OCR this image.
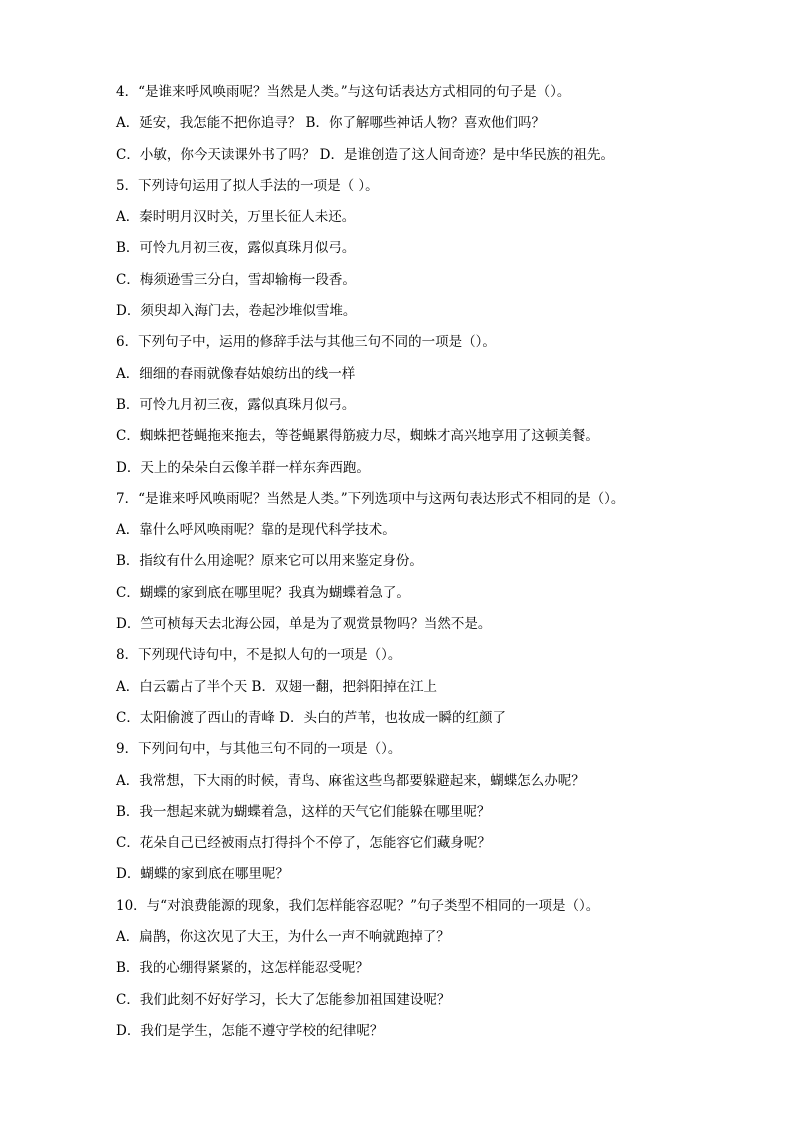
4．“是谁来呼风唤雨呢？当然是人类。”与这句话表达方式相同的句子是（）。
A．延安，我怎能不把你追寻？ B．你了解哪些神话人物？喜欢他们吗？
C．小敏，你今天读课外书了吗？ D．是谁创造了这人间奇迹？是中华民族的祖先。
5．下列诗句运用了拟人手法的一项是（ ）。
A．秦时明月汉时关，万里长征人未还。
B．可怜九月初三夜，露似真珠月似弓。
C．梅须逊雪三分白，雪却输梅一段香。
D．须臾却入海门去，卷起沙堆似雪堆。
6．下列句子中，运用的修辞手法与其他三句不同的一项是（）。
A．细细的春雨就像春姑娘纺出的线一样
B．可怜九月初三夜，露似真珠月似弓。
C．蜘蛛把苍蝇拖来拖去，等苍蝇累得筋疲力尽，蜘蛛才高兴地享用了这顿美餐。
D．天上的朵朵白云像羊群一样东奔西跑。
7．“是谁来呼风唤雨呢？当然是人类。”下列选项中与这两句表达形式不相同的是（）。
A．靠什么呼风唤雨呢？靠的是现代科学技术。
B．指纹有什么用途呢？原来它可以用来鉴定身份。
C．蝴蝶的家到底在哪里呢？我真为蝴蝶着急了。
D．竺可桢每天去北海公园，单是为了观赏景物吗？当然不是。
8．下列现代诗句中，不是拟人句的一项是（）。
A．白云霸占了半个天 B．双翅一翻，把斜阳掉在江上
C．太阳偷渡了西山的青峰 D．头白的芦苇，也妆成一瞬的红颜了
9．下列问句中，与其他三句不同的一项是（）。
A．我常想，下大雨的时候，青鸟、麻雀这些鸟都要躲避起来，蝴蝶怎么办呢？
B．我一想起来就为蝴蝶着急，这样的天气它们能躲在哪里呢？
C．花朵自己已经被雨点打得抖个不停了，怎能容它们藏身呢？
D．蝴蝶的家到底在哪里呢？
10．与“对浪费能源的现象，我们怎样能容忍呢？”句子类型不相同的一项是（）。
A．扁鹊，你这次见了大王，为什么一声不响就跑掉了？
B．我的心绷得紧紧的，这怎样能忍受呢？
C．我们此刻不好好学习，长大了怎能参加祖国建设呢？
D．我们是学生，怎能不遵守学校的纪律呢？
